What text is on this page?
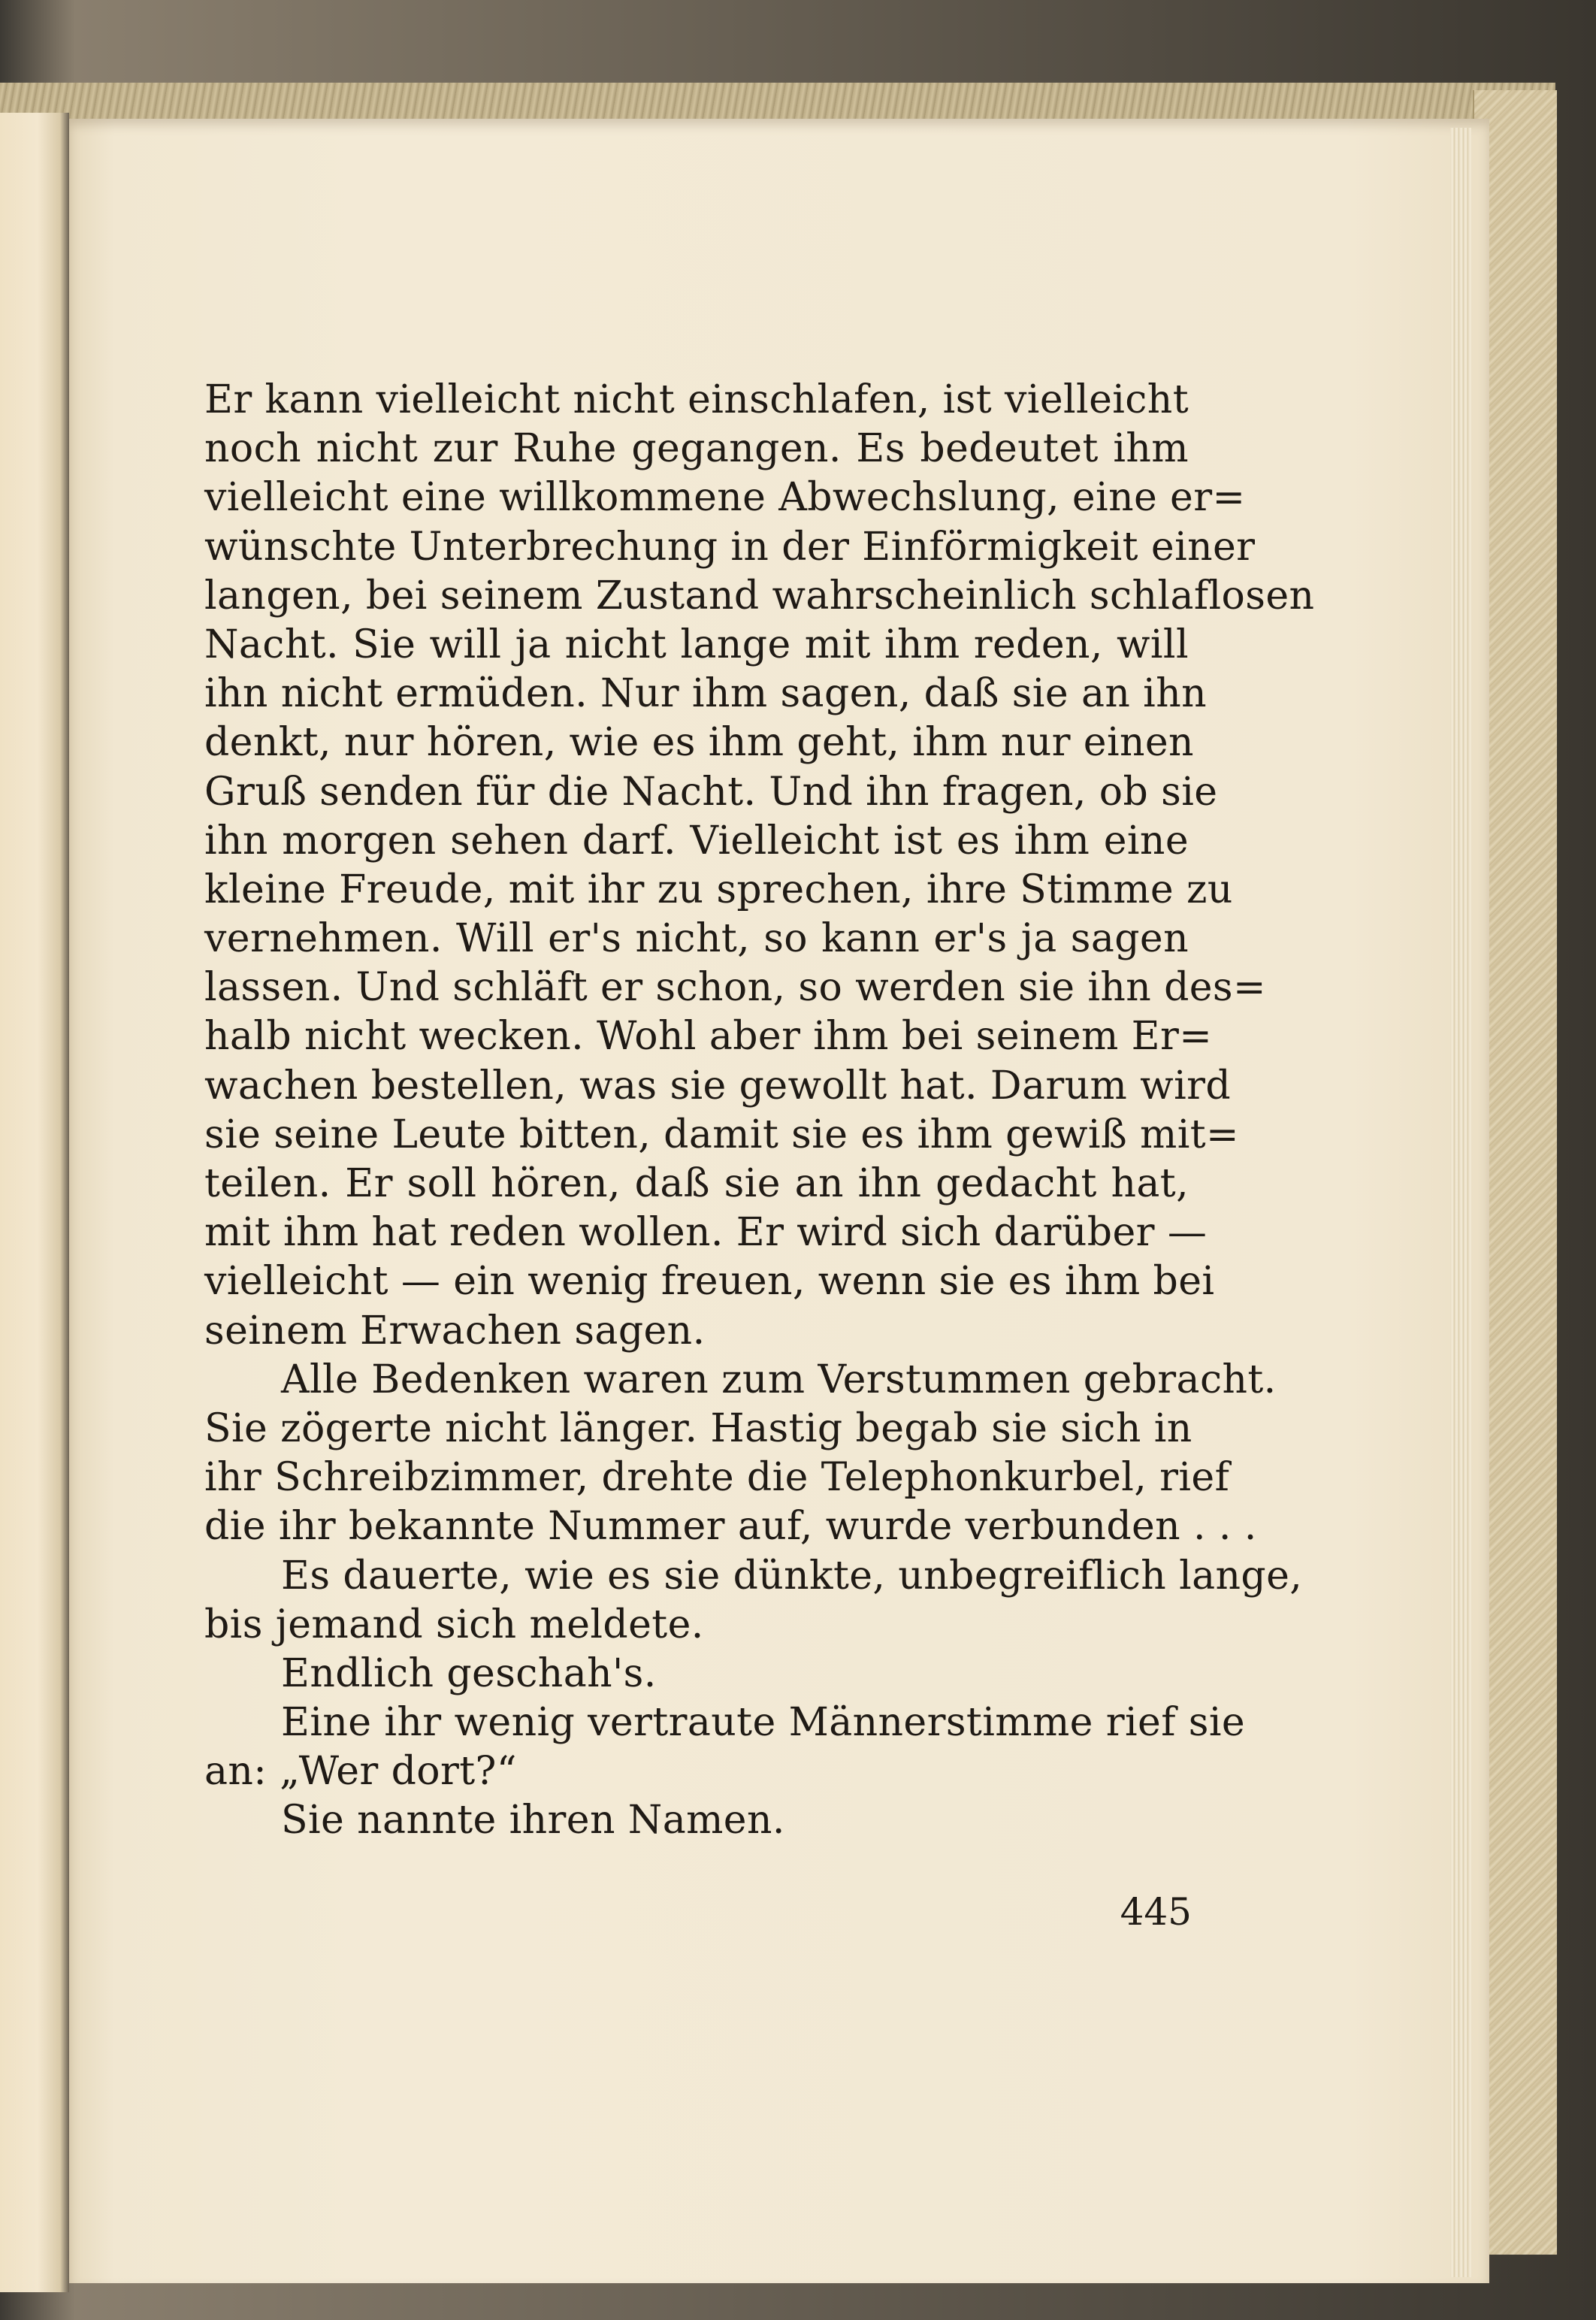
Er kann vielleicht nicht einschlafen, ist vielleicht
noch nicht zur Ruhe gegangen. Es bedeutet ihm
vielleicht eine willkommene Abwechslung, eine er=
wünschte Unterbrechung in der Einförmigkeit einer
langen, bei seinem Zustand wahrscheinlich schlaflosen
Nacht. Sie will ja nicht lange mit ihm reden, will
ihn nicht ermüden. Nur ihm sagen, daß sie an ihn
denkt, nur hören, wie es ihm geht, ihm nur einen
Gruß senden für die Nacht. Und ihn fragen, ob sie
ihn morgen sehen darf. Vielleicht ist es ihm eine
kleine Freude, mit ihr zu sprechen, ihre Stimme zu
vernehmen. Will er's nicht, so kann er's ja sagen
lassen. Und schläft er schon, so werden sie ihn des=
halb nicht wecken. Wohl aber ihm bei seinem Er=
wachen bestellen, was sie gewollt hat. Darum wird
sie seine Leute bitten, damit sie es ihm gewiß mit=
teilen. Er soll hören, daß sie an ihn gedacht hat,
mit ihm hat reden wollen. Er wird sich darüber —
vielleicht — ein wenig freuen, wenn sie es ihm bei
seinem Erwachen sagen.
Alle Bedenken waren zum Verstummen gebracht.
Sie zögerte nicht länger. Hastig begab sie sich in
ihr Schreibzimmer, drehte die Telephonkurbel, rief
die ihr bekannte Nummer auf, wurde verbunden . . .
Es dauerte, wie es sie dünkte, unbegreiflich lange,
bis jemand sich meldete.
Endlich geschah's.
Eine ihr wenig vertraute Männerstimme rief sie
an: „Wer dort?“
Sie nannte ihren Namen.
445
